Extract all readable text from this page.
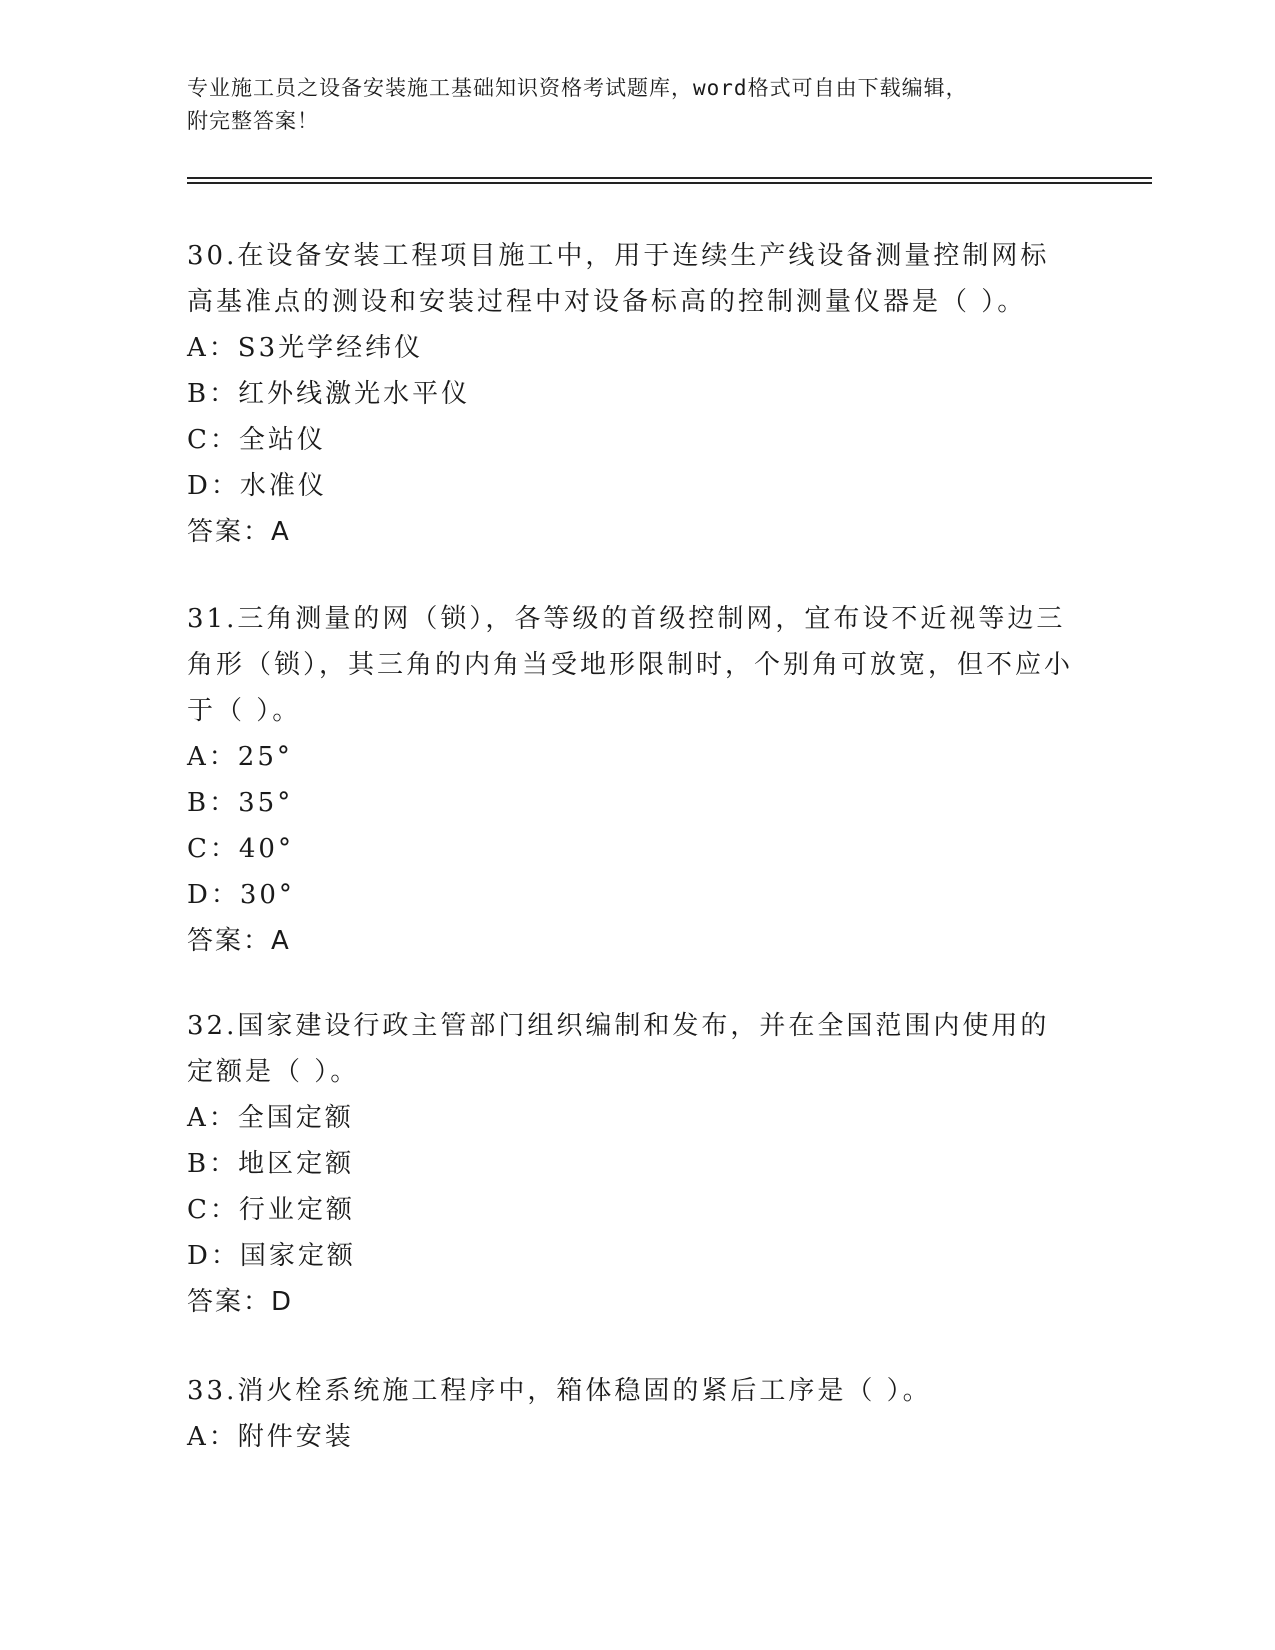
专业施工员之设备安装施工基础知识资格考试题库，word格式可自由下载编辑，
附完整答案！

30.在设备安装工程项目施工中，用于连续生产线设备测量控制网标高基准点的测设和安装过程中对设备标高的控制测量仪器是（ ）。

A：S3光学经纬仪

B：红外线激光水平仪

C：全站仪

D：水准仪

答案：A

31.三角测量的网（锁），各等级的首级控制网，宜布设不近视等边三角形（锁），其三角的内角当受地形限制时，个别角可放宽，但不应小于（ ）。

A：25°

B：35°

C：40°

D：30°

答案：A

32.国家建设行政主管部门组织编制和发布，并在全国范围内使用的定额是（ ）。

A：全国定额

B：地区定额

C：行业定额

D：国家定额

答案：D

33.消火栓系统施工程序中，箱体稳固的紧后工序是（ ）。

A：附件安装
